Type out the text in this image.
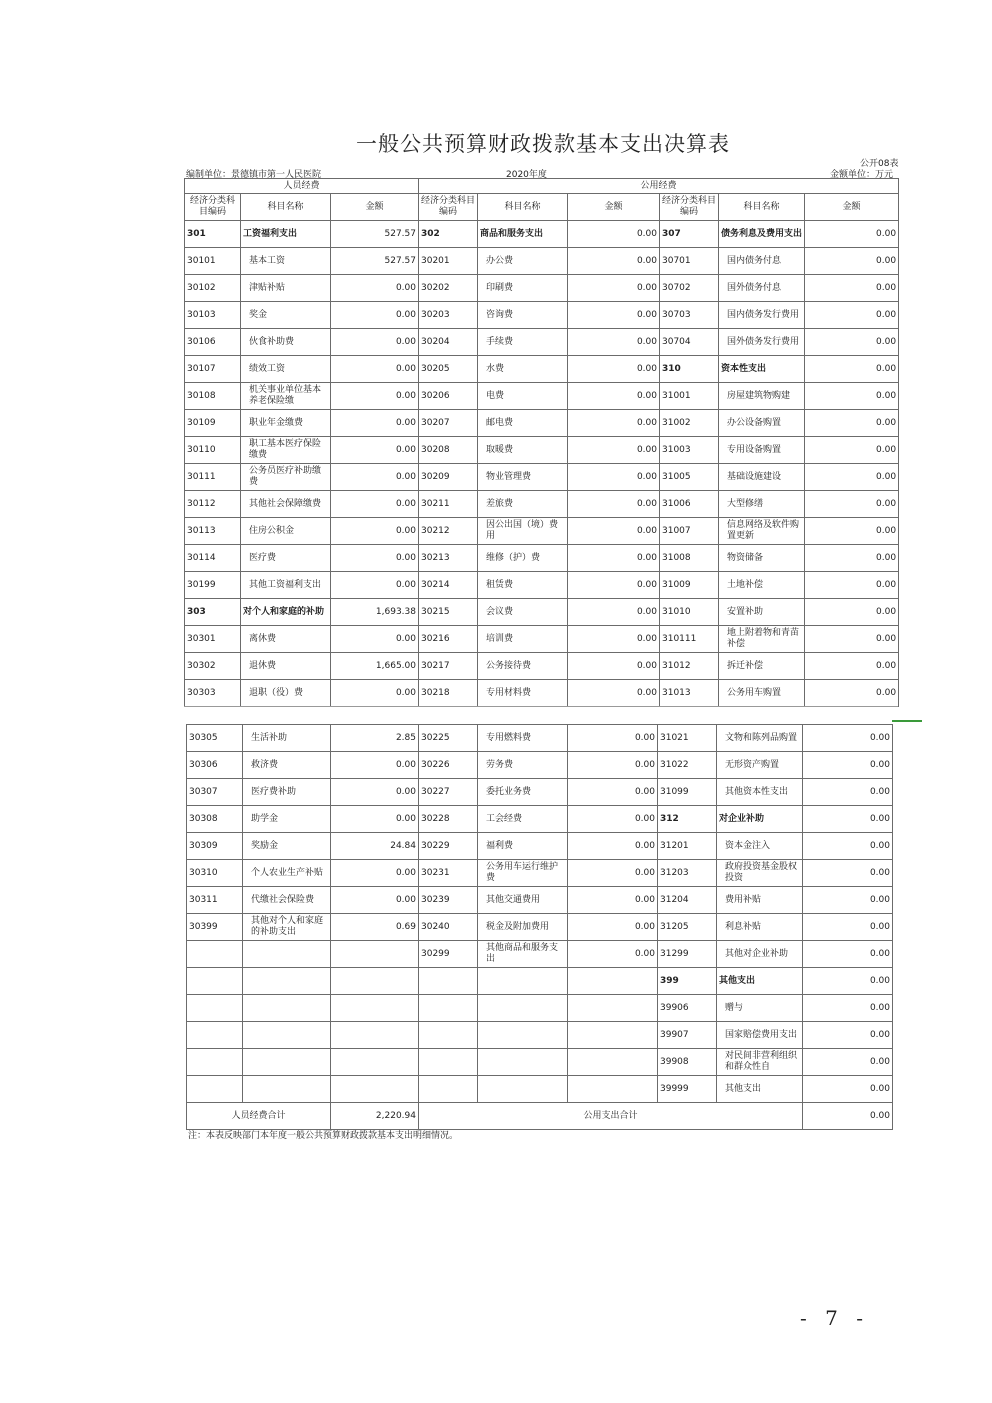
一般公共预算财政拨款基本支出决算表
公开08表
编制单位：景德镇市第一人民医院	2020年度	金额单位：万元
人员经费			公用经费					
经济分类科目编码	科目名称	金额	经济分类科目编码	科目名称	金额	经济分类科目编码	科目名称	金额
301	工资福利支出	527.57	302	商品和服务支出	0.00	307	债务利息及费用支出	0.00
30101	基本工资	527.57	30201	办公费	0.00	30701	国内债务付息	0.00
30102	津贴补贴	0.00	30202	印刷费	0.00	30702	国外债务付息	0.00
30103	奖金	0.00	30203	咨询费	0.00	30703	国内债务发行费用	0.00
30106	伙食补助费	0.00	30204	手续费	0.00	30704	国外债务发行费用	0.00
30107	绩效工资	0.00	30205	水费	0.00	310	资本性支出	0.00
30108	机关事业单位基本养老保险缴	0.00	30206	电费	0.00	31001	房屋建筑物购建	0.00
30109	职业年金缴费	0.00	30207	邮电费	0.00	31002	办公设备购置	0.00
30110	职工基本医疗保险缴费	0.00	30208	取暖费	0.00	31003	专用设备购置	0.00
30111	公务员医疗补助缴费	0.00	30209	物业管理费	0.00	31005	基础设施建设	0.00
30112	其他社会保障缴费	0.00	30211	差旅费	0.00	31006	大型修缮	0.00
30113	住房公积金	0.00	30212	因公出国（境）费用	0.00	31007	信息网络及软件购置更新	0.00
30114	医疗费	0.00	30213	维修（护）费	0.00	31008	物资储备	0.00
30199	其他工资福利支出	0.00	30214	租赁费	0.00	31009	土地补偿	0.00
303	对个人和家庭的补助	1,693.38	30215	会议费	0.00	31010	安置补助	0.00
30301	离休费	0.00	30216	培训费	0.00	310111	地上附着物和青苗补偿	0.00
30302	退休费	1,665.00	30217	公务接待费	0.00	31012	拆迁补偿	0.00
30303	退职（役）费	0.00	30218	专用材料费	0.00	31013	公务用车购置	0.00
30305	生活补助	2.85	30225	专用燃料费	0.00	31021	文物和陈列品购置	0.00
30306	救济费	0.00	30226	劳务费	0.00	31022	无形资产购置	0.00
30307	医疗费补助	0.00	30227	委托业务费	0.00	31099	其他资本性支出	0.00
30308	助学金	0.00	30228	工会经费	0.00	312	对企业补助	0.00
30309	奖励金	24.84	30229	福利费	0.00	31201	资本金注入	0.00
30310	个人农业生产补贴	0.00	30231	公务用车运行维护费	0.00	31203	政府投资基金股权投资	0.00
30311	代缴社会保险费	0.00	30239	其他交通费用	0.00	31204	费用补贴	0.00
30399	其他对个人和家庭的补助支出	0.69	30240	税金及附加费用	0.00	31205	利息补贴	0.00
			30299	其他商品和服务支出	0.00	31299	其他对企业补助	0.00
						399	其他支出	0.00
						39906	赠与	0.00
						39907	国家赔偿费用支出	0.00
						39908	对民间非营利组织和群众性自	0.00
						39999	其他支出	0.00
人员经费合计		2,220.94	公用支出合计					0.00
注：本表反映部门本年度一般公共预算财政拨款基本支出明细情况。
- 7 -
